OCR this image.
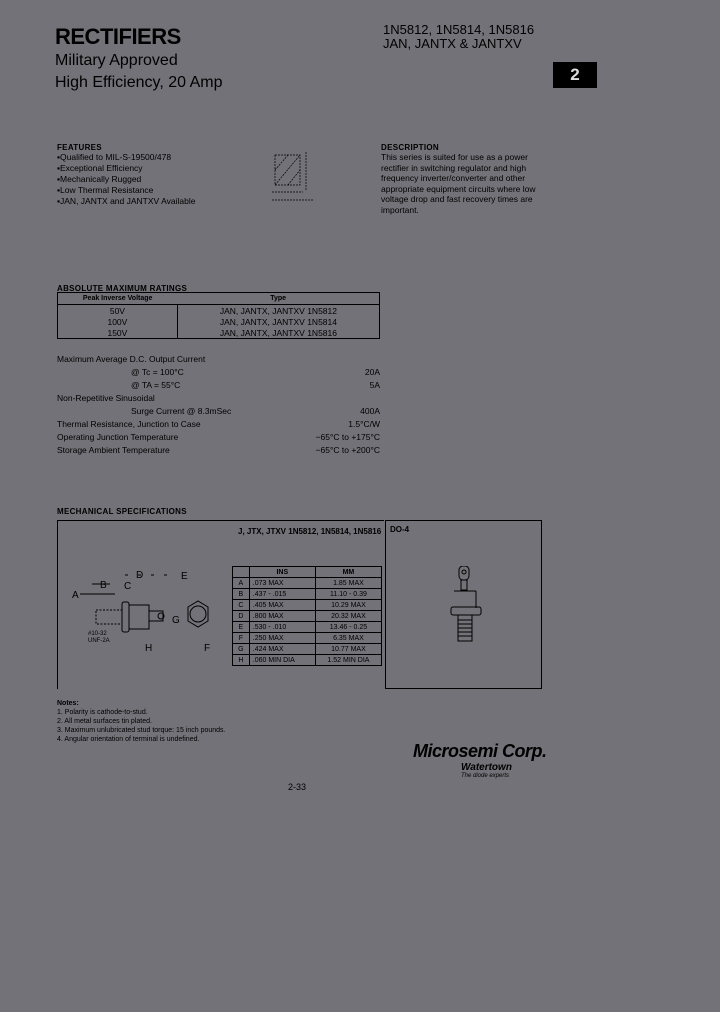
RECTIFIERS
Military Approved
High Efficiency, 20 Amp
1N5812, 1N5814, 1N5816
JAN, JANTX & JANTXV
2
FEATURES
▪ Qualified to MIL-S-19500/478
▪ Exceptional Efficiency
▪ Mechanically Rugged
▪ Low Thermal Resistance
▪ JAN, JANTX and JANTXV Available
DESCRIPTION
This series is suited for use as a power rectifier in switching regulator and high frequency inverter/converter and other appropriate equipment circuits where low voltage drop and fast recovery times are important.
ABSOLUTE MAXIMUM RATINGS
Peak Inverse Voltage	Type
50V	JAN, JANTX, JANTXV 1N5812
100V	JAN, JANTX, JANTXV 1N5814
150V	JAN, JANTX, JANTXV 1N5816
Maximum Average D.C. Output Current
@ Tc = 100°C	20A
@ TA = 55°C	5A
Non-Repetitive Sinusoidal
Surge Current @ 8.3mSec	400A
Thermal Resistance, Junction to Case	1.5°C/W
Operating Junction Temperature	−65°C to +175°C
Storage Ambient Temperature	−65°C to +200°C
MECHANICAL SPECIFICATIONS
J, JTX, JTXV 1N5812, 1N5814, 1N5816
A
B C
D	E
F
G
H
#10-32
UNF-2A
	INS	MM
A	.073 MAX	1.85 MAX
B	.437 - .015	11.10 - 0.39
C	.405 MAX	10.29 MAX
D	.800 MAX	20.32 MAX
E	.530 - .010	13.46 - 0.25
F	.250 MAX	6.35 MAX
G	.424 MAX	10.77 MAX
H	.060 MIN DIA	1.52 MIN DIA
DO-4
Notes:
1. Polarity is cathode-to-stud.
2. All metal surfaces tin plated.
3. Maximum unlubricated stud torque: 15 inch pounds.
4. Angular orientation of terminal is undefined.
Microsemi Corp.
Watertown
The diode experts
2-33
